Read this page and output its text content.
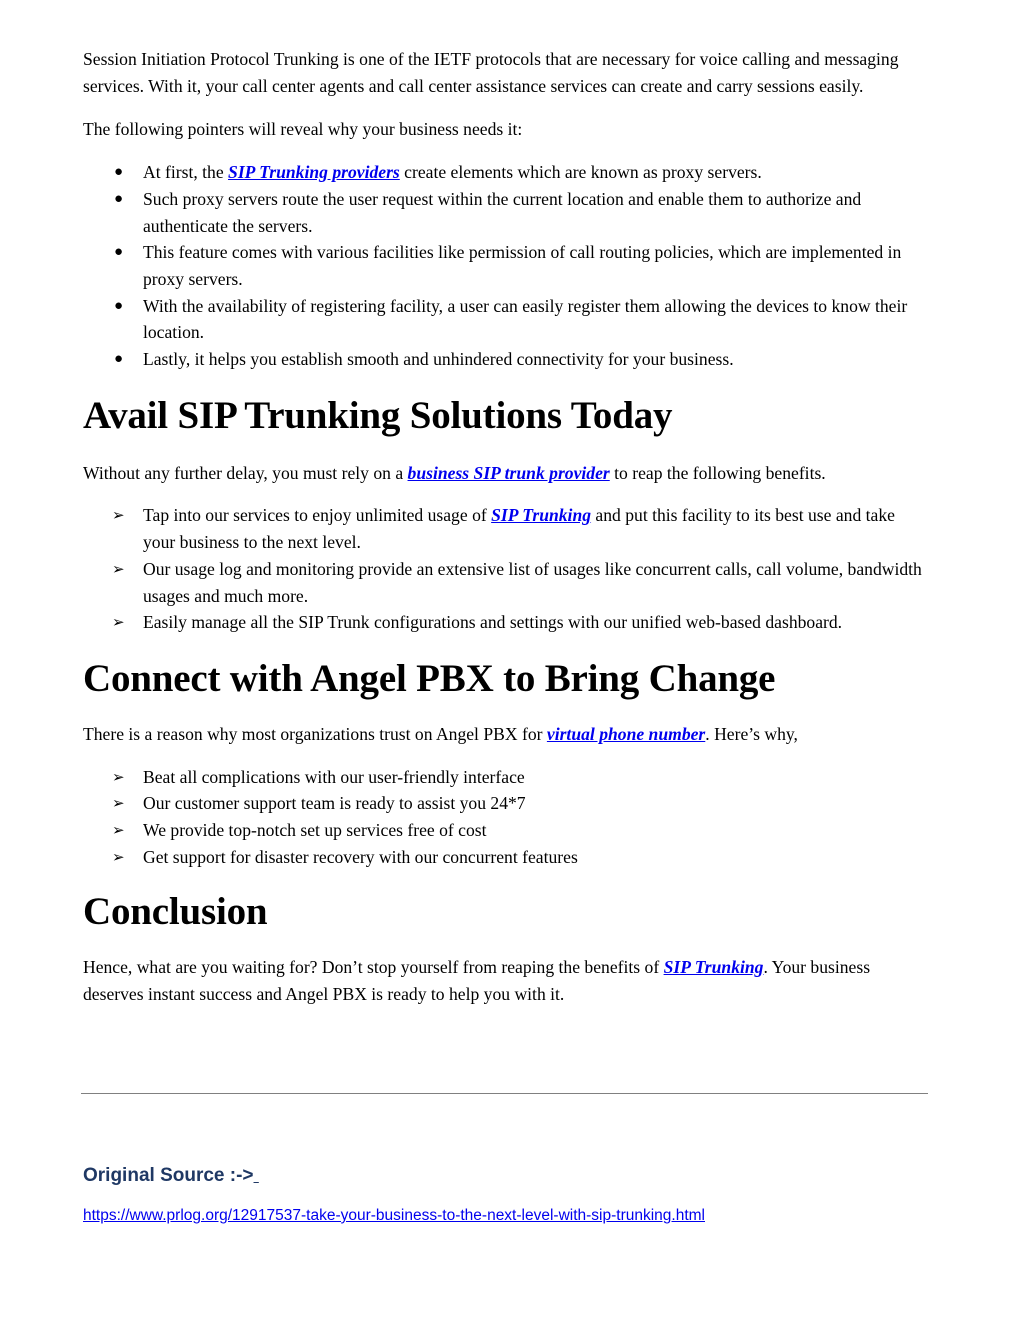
Session Initiation Protocol Trunking is one of the IETF protocols that are necessary for voice calling and messaging services. With it, your call center agents and call center assistance services can create and carry sessions easily.

The following pointers will reveal why your business needs it:

● At first, the SIP Trunking providers create elements which are known as proxy servers.
● Such proxy servers route the user request within the current location and enable them to authorize and authenticate the servers.
● This feature comes with various facilities like permission of call routing policies, which are implemented in proxy servers.
● With the availability of registering facility, a user can easily register them allowing the devices to know their location.
● Lastly, it helps you establish smooth and unhindered connectivity for your business.
Avail SIP Trunking Solutions Today

Without any further delay, you must rely on a business SIP trunk provider to reap the following benefits.

➢ Tap into our services to enjoy unlimited usage of SIP Trunking and put this facility to its best use and take your business to the next level.
➢ Our usage log and monitoring provide an extensive list of usages like concurrent calls, call volume, bandwidth usages and much more.
➢ Easily manage all the SIP Trunk configurations and settings with our unified web-based dashboard.
Connect with Angel PBX to Bring Change

There is a reason why most organizations trust on Angel PBX for virtual phone number. Here’s why,

➢ Beat all complications with our user-friendly interface
➢ Our customer support team is ready to assist you 24*7
➢ We provide top-notch set up services free of cost
➢ Get support for disaster recovery with our concurrent features
Conclusion

Hence, what are you waiting for? Don’t stop yourself from reaping the benefits of SIP Trunking. Your business deserves instant success and Angel PBX is ready to help you with it.

Original Source :->
https://www.prlog.org/12917537-take-your-business-to-the-next-level-with-sip-trunking.html
